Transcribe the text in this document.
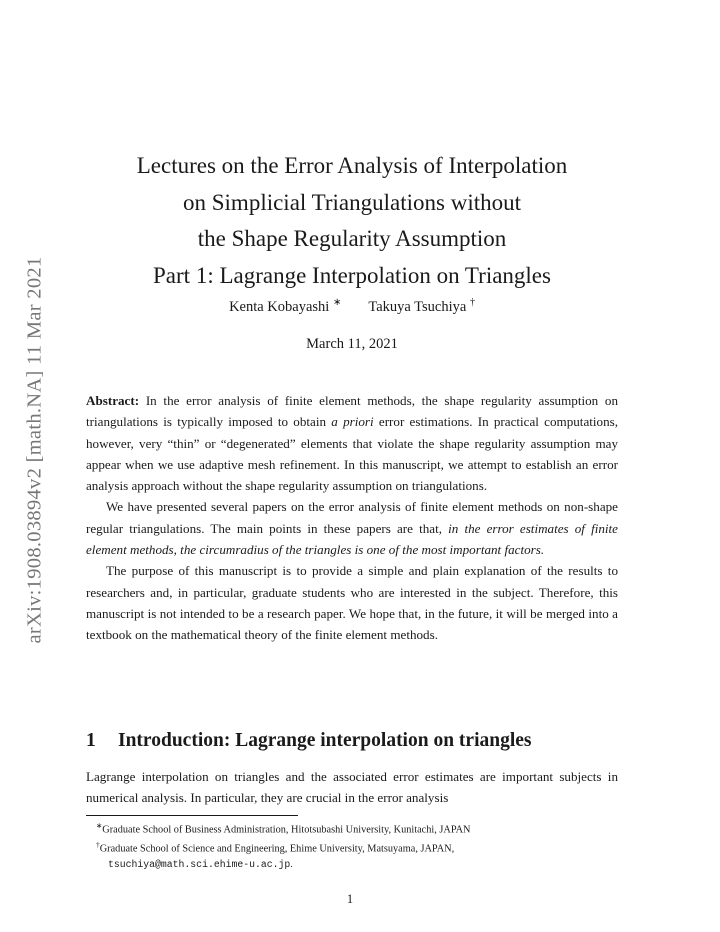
arXiv:1908.03894v2 [math.NA] 11 Mar 2021
Lectures on the Error Analysis of Interpolation
on Simplicial Triangulations without
the Shape Regularity Assumption
Part 1: Lagrange Interpolation on Triangles
Kenta Kobayashi ∗ Takuya Tsuchiya †
March 11, 2021

Abstract: In the error analysis of finite element methods, the shape regularity assumption on triangulations is typically imposed to obtain a priori error estimations. In practical computations, however, very “thin” or “degenerated” elements that violate the shape regularity assumption may appear when we use adaptive mesh refinement. In this manuscript, we attempt to establish an error analysis approach without the shape regularity assumption on triangulations.

We have presented several papers on the error analysis of finite element methods on non-shape regular triangulations. The main points in these papers are that, in the error estimates of finite element methods, the circumradius of the triangles is one of the most important factors.

The purpose of this manuscript is to provide a simple and plain explanation of the results to researchers and, in particular, graduate students who are interested in the subject. Therefore, this manuscript is not intended to be a research paper. We hope that, in the future, it will be merged into a textbook on the mathematical theory of the finite element methods.

1 Introduction: Lagrange interpolation on triangles
Lagrange interpolation on triangles and the associated error estimates are important subjects in numerical analysis. In particular, they are crucial in the error analysis
∗Graduate School of Business Administration, Hitotsubashi University, Kunitachi, JAPAN
†Graduate School of Science and Engineering, Ehime University, Matsuyama, JAPAN,
tsuchiya@math.sci.ehime-u.ac.jp.
1
